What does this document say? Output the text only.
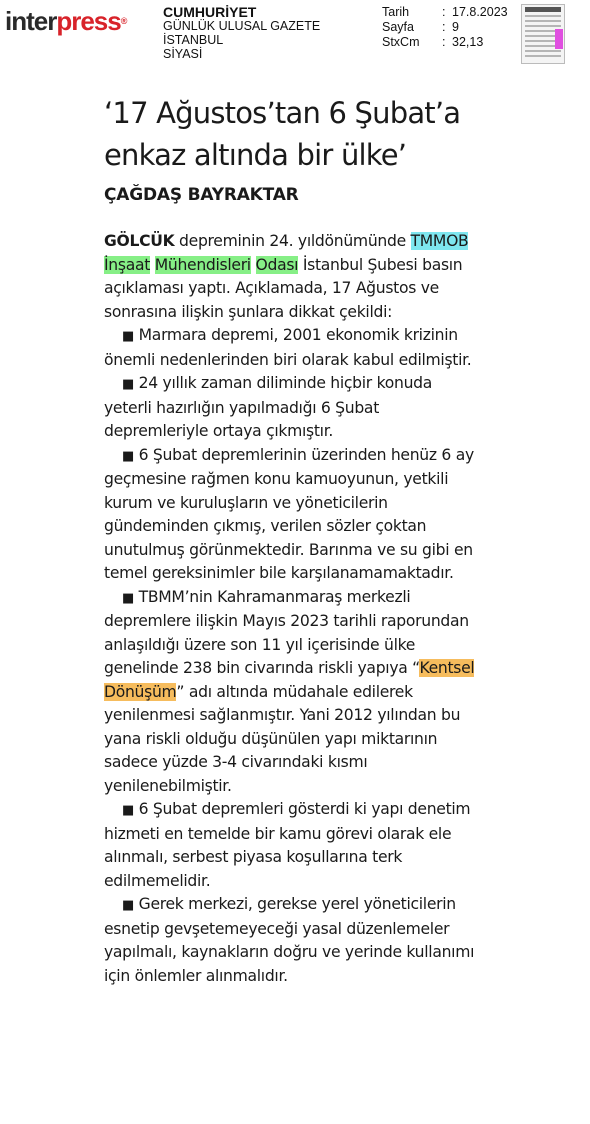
interpress®
CUMHURİYET
GÜNLÜK ULUSAL GAZETE
İSTANBUL
SİYASİ
Tarih	: 17.8.2023
Sayfa	: 9
StxCm	: 32,13
‘17 Ağustos’tan 6 Şubat’a
enkaz altında bir ülke’
ÇAĞDAŞ BAYRAKTAR

GÖLCÜK depreminin 24. yıldönümünde TMMOB İnşaat Mühendisleri Odası İstanbul Şubesi basın açıklaması yaptı. Açıklamada, 17 Ağustos ve sonrasına ilişkin şunlara dikkat çekildi:

■ Marmara depremi, 2001 ekonomik krizinin önemli nedenlerinden biri olarak kabul edilmiştir.

■ 24 yıllık zaman diliminde hiçbir konuda yeterli hazırlığın yapılmadığı 6 Şubat depremleriyle ortaya çıkmıştır.

■ 6 Şubat depremlerinin üzerinden henüz 6 ay geçmesine rağmen konu kamuoyunun, yetkili kurum ve kuruluşların ve yöneticilerin gündeminden çıkmış, verilen sözler çoktan unutulmuş görünmektedir. Barınma ve su gibi en temel gereksinimler bile karşılanamamaktadır.

■ TBMM’nin Kahramanmaraş merkezli depremlere ilişkin Mayıs 2023 tarihli raporundan anlaşıldığı üzere son 11 yıl içerisinde ülke genelinde 238 bin civarında riskli yapıya “Kentsel Dönüşüm” adı altında müdahale edilerek yenilenmesi sağlanmıştır. Yani 2012 yılından bu yana riskli olduğu düşünülen yapı miktarının sadece yüzde 3-4 civarındaki kısmı yenilenebilmiştir.

■ 6 Şubat depremleri gösterdi ki yapı denetim hizmeti en temelde bir kamu görevi olarak ele alınmalı, serbest piyasa koşullarına terk edilmemelidir.

■ Gerek merkezi, gerekse yerel yöneticilerin esnetip gevşetemeyeceği yasal düzenlemeler yapılmalı, kaynakların doğru ve yerinde kullanımı için önlemler alınmalıdır.
